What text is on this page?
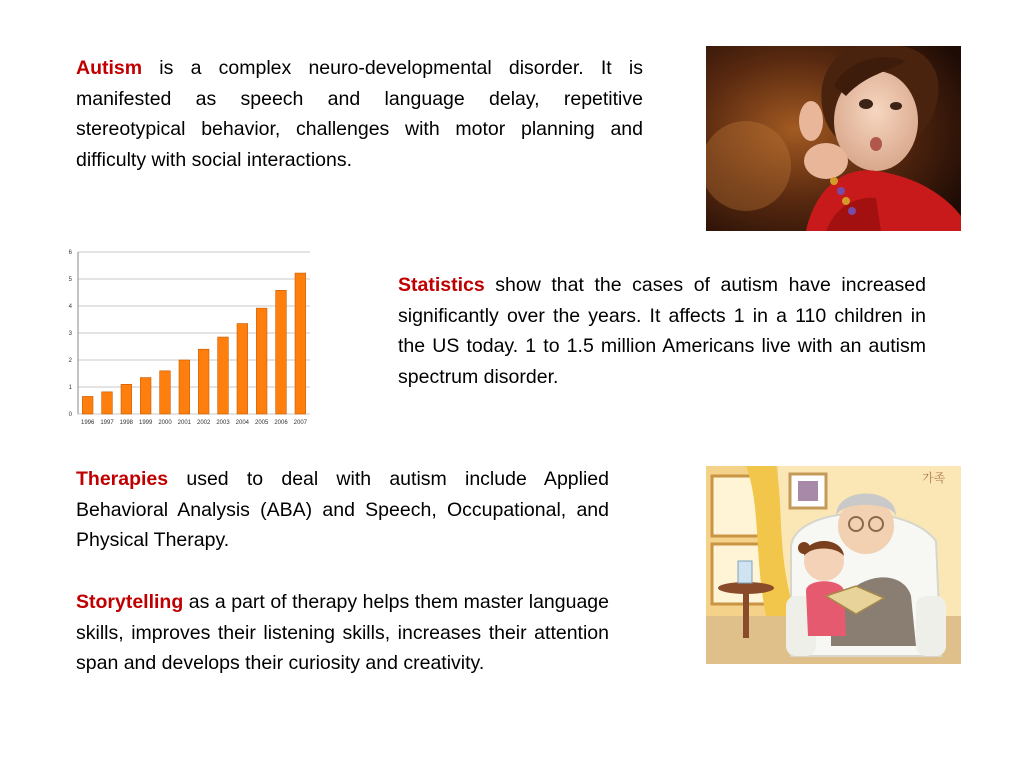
Autism is a complex neuro-developmental disorder. It is manifested as speech and language delay, repetitive stereotypical behavior, challenges with motor planning and difficulty with social interactions.

0
1
2
3
4
5
6
1996 1997 1998 1999 2000 2001 2002 2003 2004 2005 2006 2007

Statistics show that the cases of autism have increased significantly over the years. It affects 1 in a 110 children in the US today. 1 to 1.5 million Americans live with an autism spectrum disorder.

Therapies used to deal with autism include Applied Behavioral Analysis (ABA) and Speech, Occupational, and Physical Therapy.

Storytelling as a part of therapy helps them master language skills, improves their listening skills, increases their attention span and develops their curiosity and creativity.

가족
